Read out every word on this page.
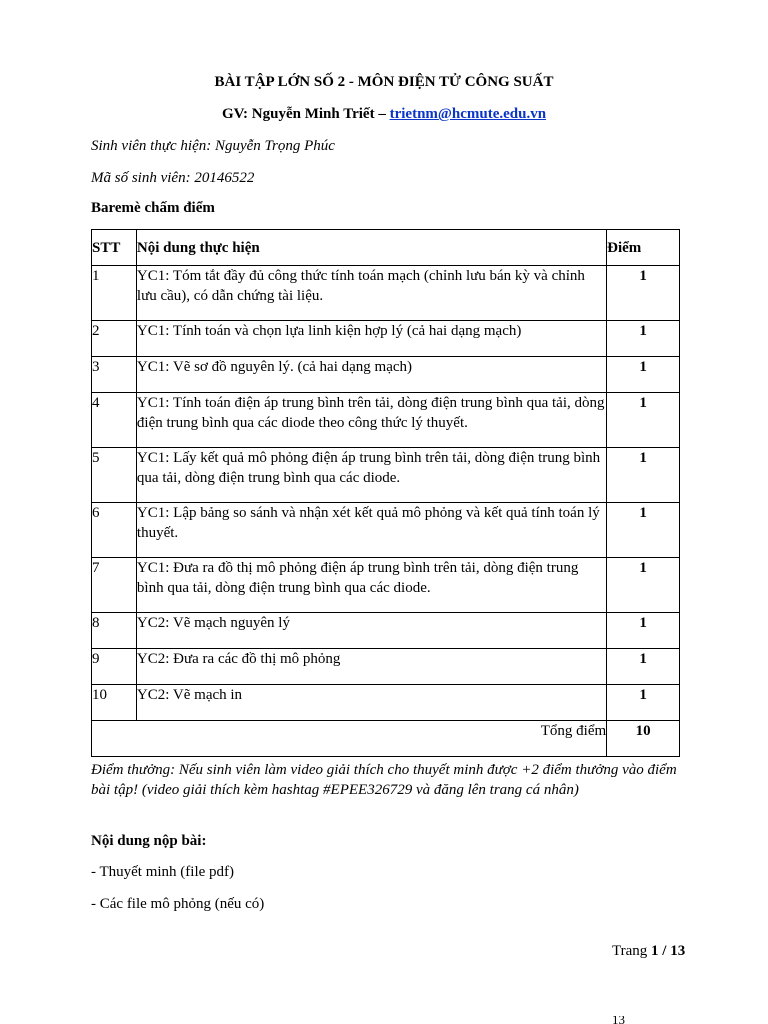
BÀI TẬP LỚN SỐ 2 - MÔN ĐIỆN TỬ CÔNG SUẤT
GV: Nguyễn Minh Triết – trietnm@hcmute.edu.vn
Sinh viên thực hiện: Nguyễn Trọng Phúc
Mã số sinh viên: 20146522
Baremè chấm điểm
STT	Nội dung thực hiện	Điểm
1	YC1: Tóm tắt đầy đủ công thức tính toán mạch (chỉnh lưu bán kỳ và chỉnh lưu cầu), có dẫn chứng tài liệu.	1
2	YC1: Tính toán và chọn lựa linh kiện hợp lý (cả hai dạng mạch)	1
3	YC1: Vẽ sơ đồ nguyên lý. (cả hai dạng mạch)	1
4	YC1: Tính toán điện áp trung bình trên tải, dòng điện trung bình qua tải, dòng điện trung bình qua các diode theo công thức lý thuyết.	1
5	YC1: Lấy kết quả mô phỏng điện áp trung bình trên tải, dòng điện trung bình qua tải, dòng điện trung bình qua các diode.	1
6	YC1: Lập bảng so sánh và nhận xét kết quả mô phỏng và kết quả tính toán lý thuyết.	1
7	YC1: Đưa ra đồ thị mô phỏng điện áp trung bình trên tải, dòng điện trung bình qua tải, dòng điện trung bình qua các diode.	1
8	YC2: Vẽ mạch nguyên lý	1
9	YC2: Đưa ra các đồ thị mô phỏng	1
10	YC2: Vẽ mạch in	1
Tổng điểm		10
Điểm thưởng: Nếu sinh viên làm video giải thích cho thuyết minh được +2 điểm thưởng vào điểm bài tập! (video giải thích kèm hashtag #EPEE326729 và đăng lên trang cá nhân)
Nội dung nộp bài:
- Thuyết minh (file pdf)
- Các file mô phỏng (nếu có)
Trang 1 / 13
13
